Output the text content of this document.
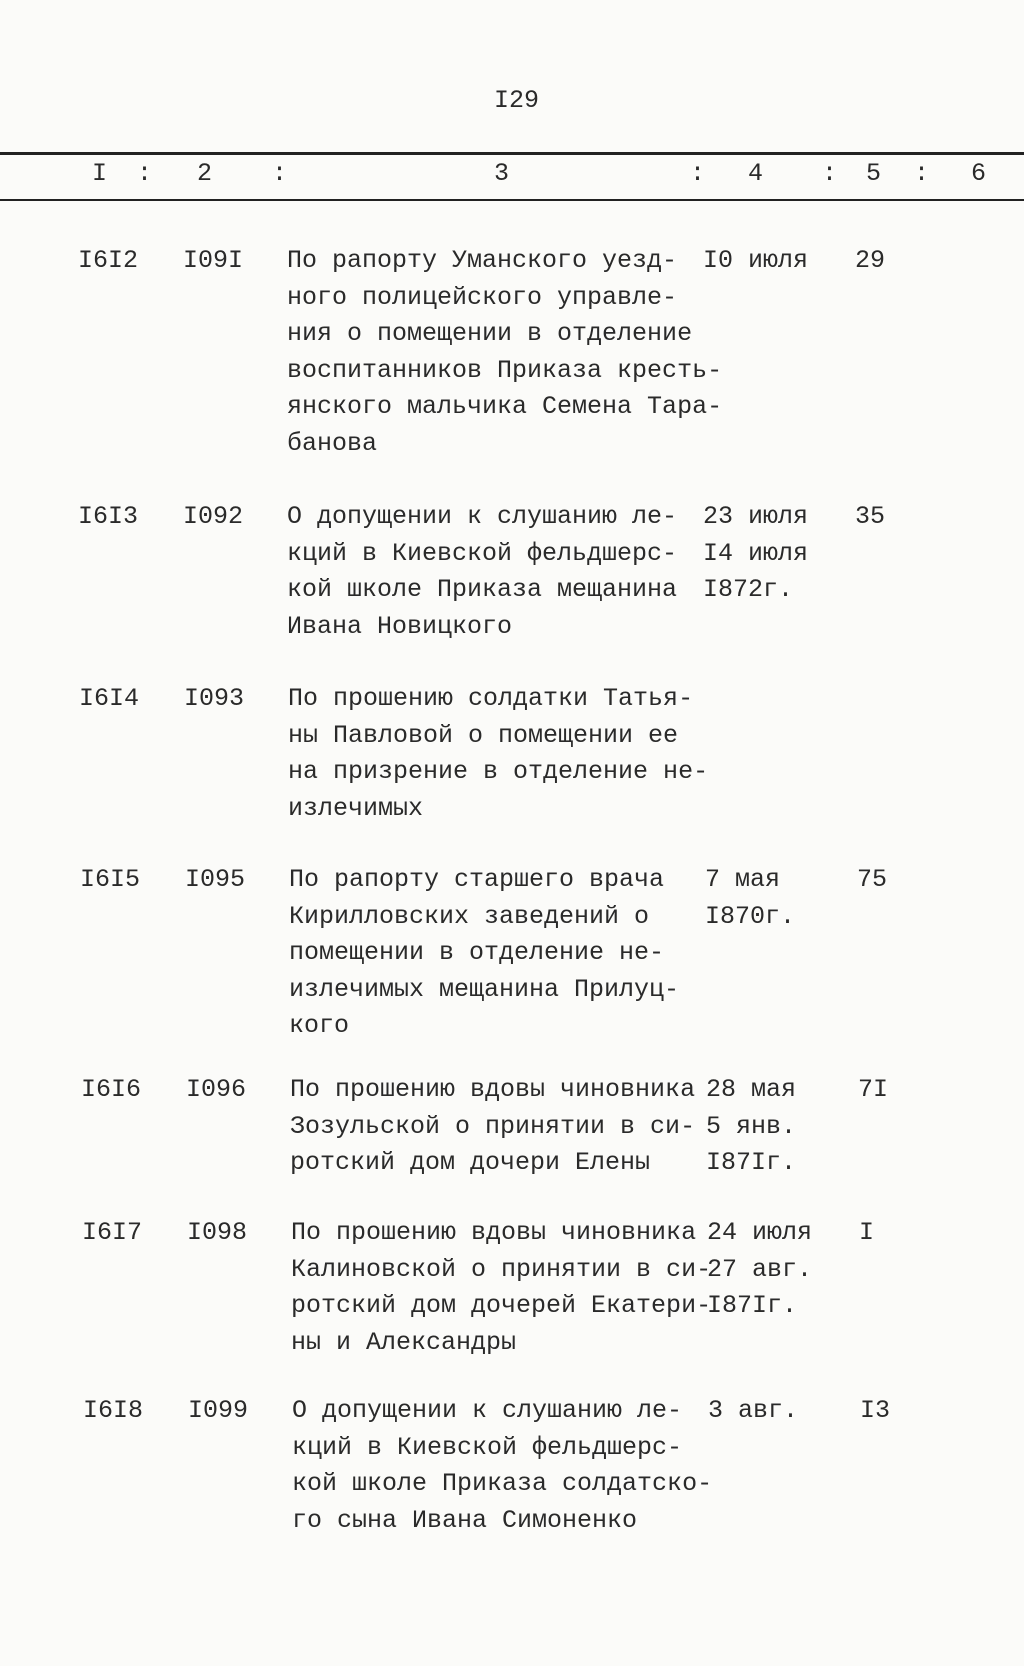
I29
I : 2 :	3	: 4 : 5 : 6
I6I2 I09I По рапорту Уманского уезд-
ного полицейского управле-
ния о помещении в отделение
воспитанников Приказа кресть-
янского мальчика Семена Тара-
банова
I0 июля 29
I6I3 I092 О допущении к слушанию ле-
кций в Киевской фельдшерс-
кой школе Приказа мещанина
Ивана Новицкого
23 июля
I4 июля
I872г.
35
I6I4 I093 По прошению солдатки Татья-
ны Павловой о помещении ее
на призрение в отделение не-
излечимых
I6I5 I095 По рапорту старшего врача
Кирилловских заведений о
помещении в отделение не-
излечимых мещанина Прилуц-
кого
7 мая
I870г.
75
I6I6 I096 По прошению вдовы чиновника
Зозульской о принятии в си-
ротский дом дочери Елены
28 мая
5 янв.
I87Iг.
7I
I6I7 I098 По прошению вдовы чиновника
Калиновской о принятии в си-
ротский дом дочерей Екатери-
ны и Александры
24 июля
27 авг.
I87Iг.
I
I6I8 I099 О допущении к слушанию ле-
кций в Киевской фельдшерс-
кой школе Приказа солдатско-
го сына Ивана Симоненко
3 авг. I3
